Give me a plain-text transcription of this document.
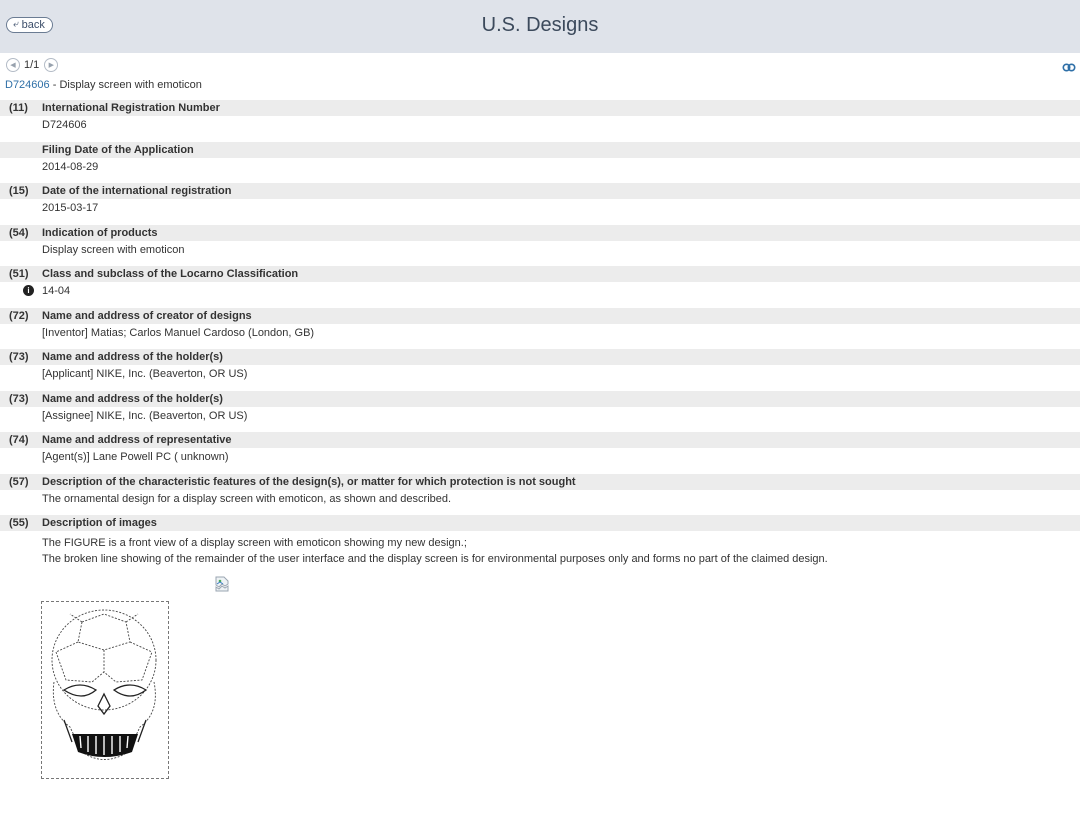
⤶ back	U.S. Designs
◀ 1/1 ▶
D724606 - Display screen with emoticon
(11) International Registration Number
D724606
Filing Date of the Application
2014-08-29
(15) Date of the international registration
2015-03-17
(54) Indication of products
Display screen with emoticon
(51) Class and subclass of the Locarno Classification
i	14-04
(72) Name and address of creator of designs
[Inventor] Matias; Carlos Manuel Cardoso (London, GB)
(73) Name and address of the holder(s)
[Applicant] NIKE, Inc. (Beaverton, OR US)
(73) Name and address of the holder(s)
[Assignee] NIKE, Inc. (Beaverton, OR US)
(74) Name and address of representative
[Agent(s)] Lane Powell PC ( unknown)
(57) Description of the characteristic features of the design(s), or matter for which protection is not sought
The ornamental design for a display screen with emoticon, as shown and described.
(55) Description of images
The FIGURE is a front view of a display screen with emoticon showing my new design.;
The broken line showing of the remainder of the user interface and the display screen is for environmental purposes only and forms no part of the claimed design.
